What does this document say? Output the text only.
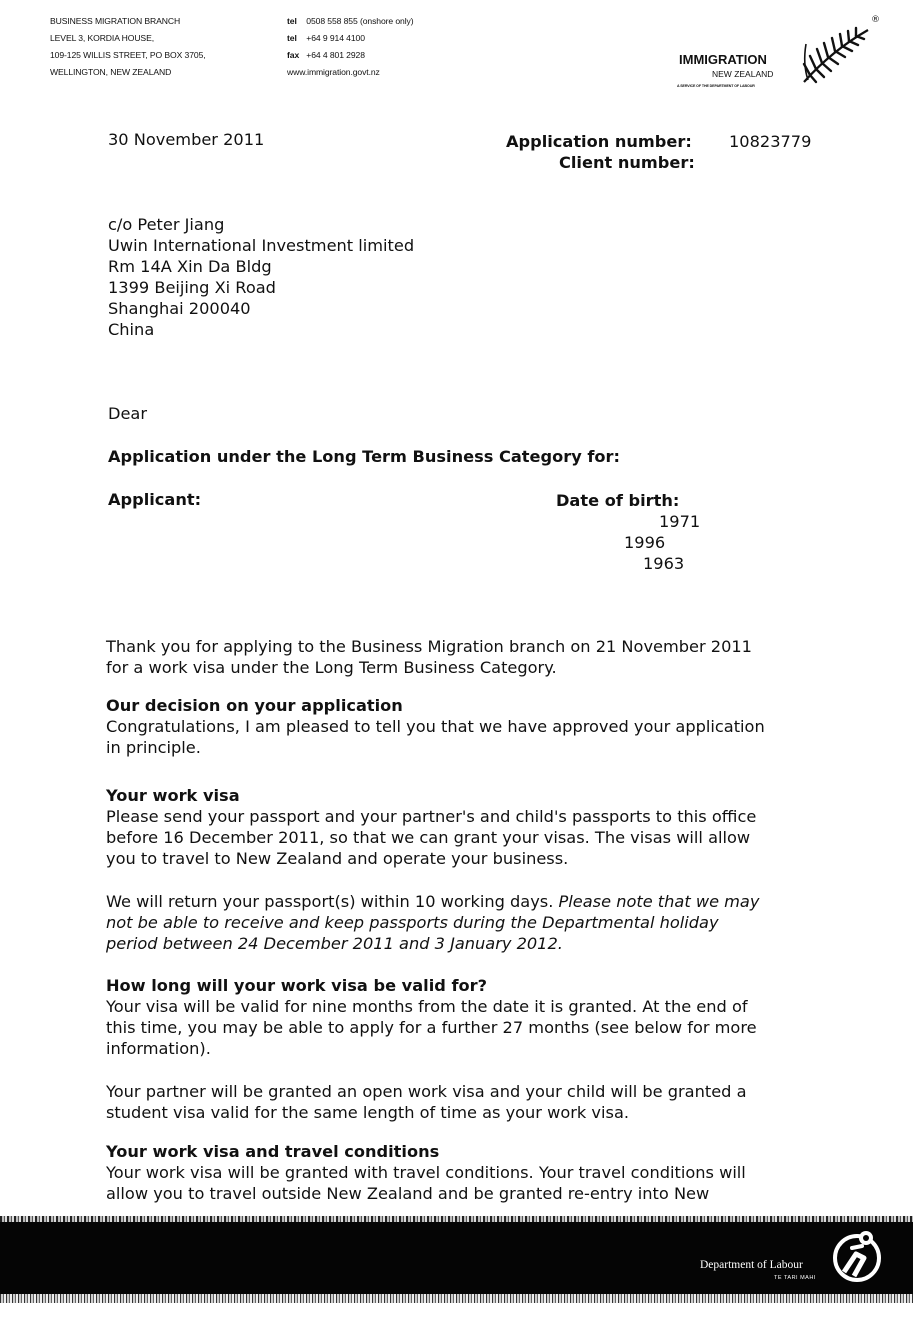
BUSINESS MIGRATION BRANCH
LEVEL 3, KORDIA HOUSE,
109-125 WILLIS STREET, PO BOX 3705,
WELLINGTON, NEW ZEALAND
tel 0508 558 855 (onshore only)
tel +64 9 914 4100
fax +64 4 801 2928
www.immigration.govt.nz
IMMIGRATION
NEW ZEALAND
A SERVICE OF THE DEPARTMENT OF LABOUR
®
30 November 2011	Application number: 10823779
Client number:
c/o Peter Jiang
Uwin International Investment limited
Rm 14A Xin Da Bldg
1399 Beijing Xi Road
Shanghai 200040
China
Dear
Application under the Long Term Business Category for:
Applicant:	Date of birth:
1971
1996
1963
Thank you for applying to the Business Migration branch on 21 November 2011
for a work visa under the Long Term Business Category.
Our decision on your application
Congratulations, I am pleased to tell you that we have approved your application
in principle.
Your work visa
Please send your passport and your partner's and child's passports to this office
before 16 December 2011, so that we can grant your visas. The visas will allow
you to travel to New Zealand and operate your business.
We will return your passport(s) within 10 working days. Please note that we may
not be able to receive and keep passports during the Departmental holiday
period between 24 December 2011 and 3 January 2012.
How long will your work visa be valid for?
Your visa will be valid for nine months from the date it is granted. At the end of
this time, you may be able to apply for a further 27 months (see below for more
information).
Your partner will be granted an open work visa and your child will be granted a
student visa valid for the same length of time as your work visa.
Your work visa and travel conditions
Your work visa will be granted with travel conditions. Your travel conditions will
allow you to travel outside New Zealand and be granted re-entry into New
Department of Labour
TE TARI MAHI
